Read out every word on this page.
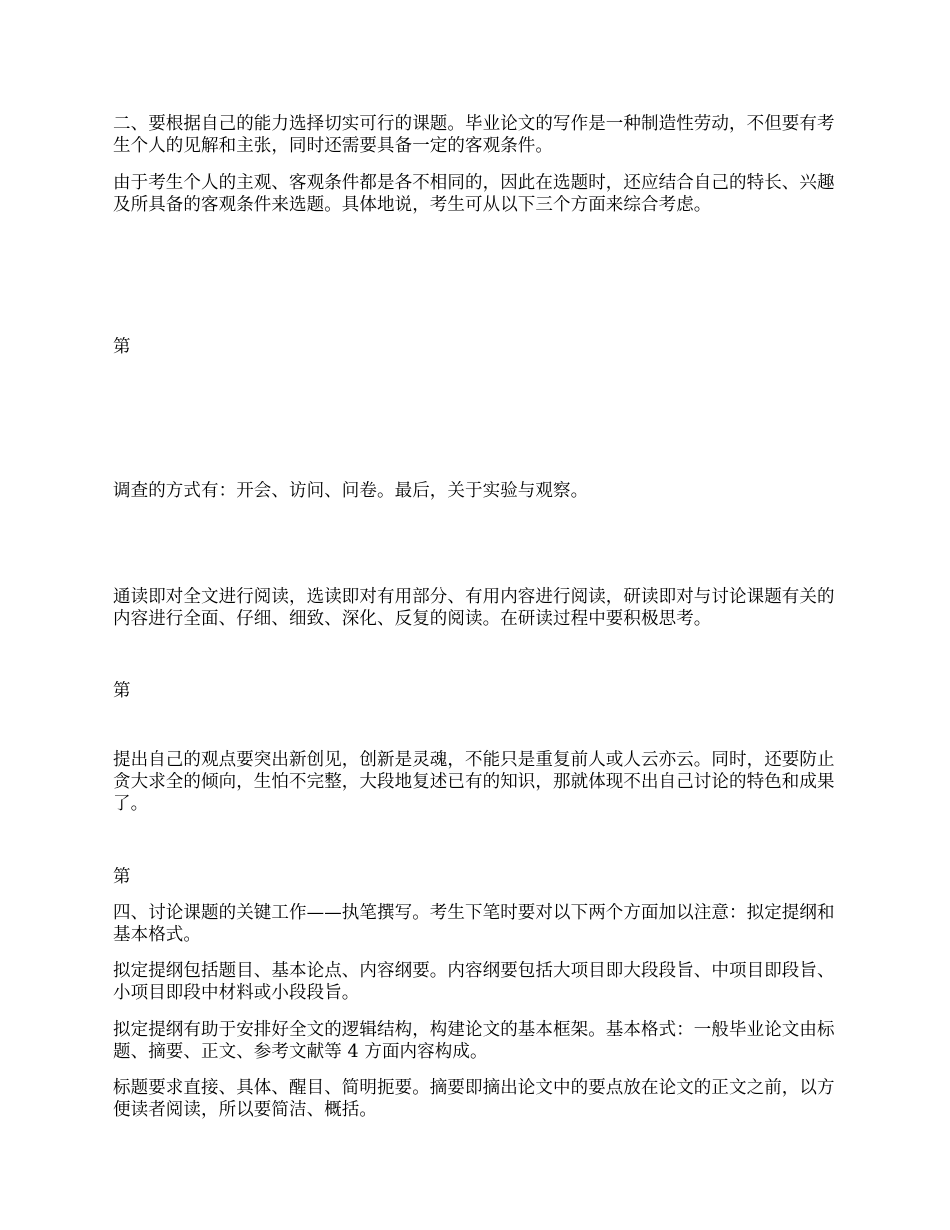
二、要根据自己的能力选择切实可行的课题。毕业论文的写作是一种制造性劳动，不但要有考生个人的见解和主张，同时还需要具备一定的客观条件。

由于考生个人的主观、客观条件都是各不相同的，因此在选题时，还应结合自己的特长、兴趣及所具备的客观条件来选题。具体地说，考生可从以下三个方面来综合考虑。

第

调查的方式有：开会、访问、问卷。最后，关于实验与观察。

通读即对全文进行阅读，选读即对有用部分、有用内容进行阅读，研读即对与讨论课题有关的内容进行全面、仔细、细致、深化、反复的阅读。在研读过程中要积极思考。

第

提出自己的观点要突出新创见，创新是灵魂，不能只是重复前人或人云亦云。同时，还要防止贪大求全的倾向，生怕不完整，大段地复述已有的知识，那就体现不出自己讨论的特色和成果了。

第

四、讨论课题的关键工作——执笔撰写。考生下笔时要对以下两个方面加以注意：拟定提纲和基本格式。

拟定提纲包括题目、基本论点、内容纲要。内容纲要包括大项目即大段段旨、中项目即段旨、小项目即段中材料或小段段旨。

拟定提纲有助于安排好全文的逻辑结构，构建论文的基本框架。基本格式：一般毕业论文由标题、摘要、正文、参考文献等 4 方面内容构成。

标题要求直接、具体、醒目、简明扼要。摘要即摘出论文中的要点放在论文的正文之前，以方便读者阅读，所以要简洁、概括。
